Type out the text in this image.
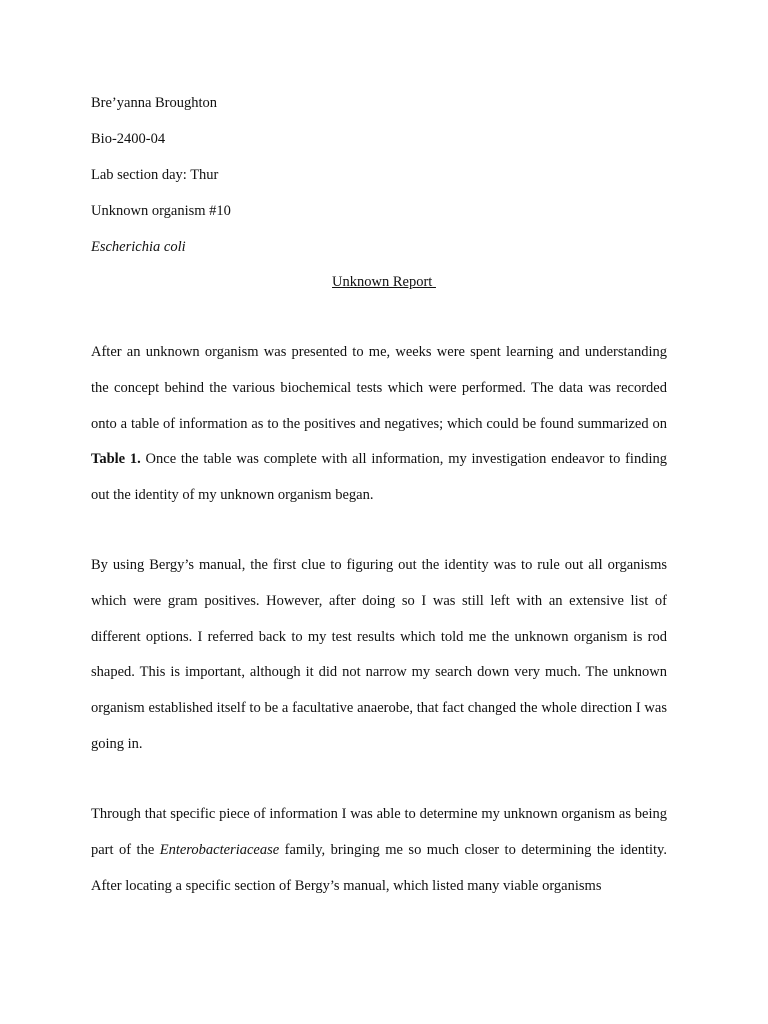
Bre’yanna Broughton
Bio-2400-04
Lab section day: Thur
Unknown organism #10
Escherichia coli
Unknown Report

After an unknown organism was presented to me, weeks were spent learning and understanding the concept behind the various biochemical tests which were performed. The data was recorded onto a table of information as to the positives and negatives; which could be found summarized on Table 1. Once the table was complete with all information, my investigation endeavor to finding out the identity of my unknown organism began.

By using Bergy’s manual, the first clue to figuring out the identity was to rule out all organisms which were gram positives. However, after doing so I was still left with an extensive list of different options. I referred back to my test results which told me the unknown organism is rod shaped. This is important, although it did not narrow my search down very much. The unknown organism established itself to be a facultative anaerobe, that fact changed the whole direction I was going in.

Through that specific piece of information I was able to determine my unknown organism as being part of the Enterobacteriacease family, bringing me so much closer to determining the identity. After locating a specific section of Bergy’s manual, which listed many viable organisms
